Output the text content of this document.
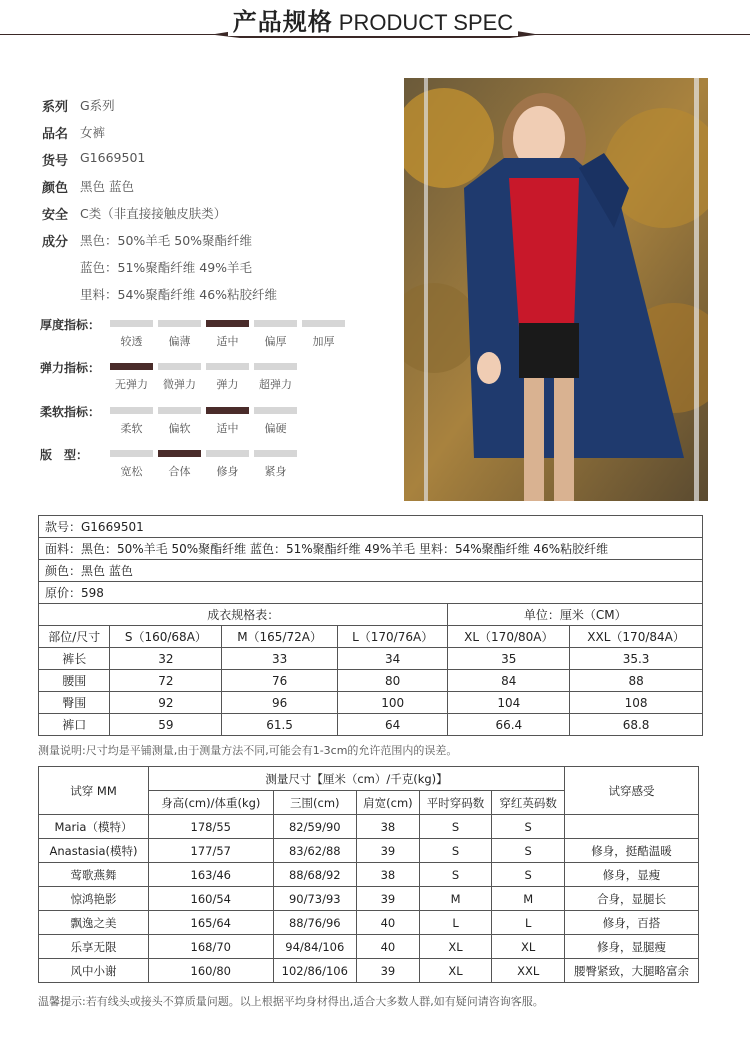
产品规格 PRODUCT SPEC
系列 G系列
品名 女裤
货号 G1669501
颜色 黑色 蓝色
安全 C类（非直接接触皮肤类）
成分 黑色：50%羊毛 50%聚酯纤维
蓝色：51%聚酯纤维 49%羊毛
里料：54%聚酯纤维 46%粘胶纤维
厚度指标：
较透	偏薄	适中	偏厚	加厚
弹力指标：
无弹力	微弹力	弹力	超弹力
柔软指标：
柔软	偏软	适中	偏硬
版　型：
宽松	合体	修身	紧身
款号：G1669501					
面料：黑色：50%羊毛 50%聚酯纤维 蓝色：51%聚酯纤维 49%羊毛 里料：54%聚酯纤维 46%粘胶纤维					
颜色：黑色 蓝色					
原价：598					
成衣规格表：				单位：厘米（CM）	
部位/尺寸	S（160/68A）	M（165/72A）	L（170/76A）	XL（170/80A）	XXL（170/84A）
裤长	32	33	34	35	35.3
腰围	72	76	80	84	88
臀围	92	96	100	104	108
裤口	59	61.5	64	66.4	68.8
测量说明:尺寸均是平铺测量,由于测量方法不同,可能会有1-3cm的允许范围内的误差。
试穿 MM	测量尺寸【厘米（cm）/千克(kg)】					试穿感受
	身高(cm)/体重(kg)	三围(cm)	肩宽(cm)	平时穿码数	穿红英码数	
Maria（模特）	178/55	82/59/90	38	S	S	
Anastasia(模特)	177/57	83/62/88	39	S	S	修身，挺酷温暖
莺歌燕舞	163/46	88/68/92	38	S	S	修身，显瘦
惊鸿艳影	160/54	90/73/93	39	M	M	合身，显腿长
飘逸之美	165/64	88/76/96	40	L	L	修身，百搭
乐享无限	168/70	94/84/106	40	XL	XL	修身，显腿瘦
风中小谢	160/80	102/86/106	39	XL	XXL	腰臀紧致，大腿略富余
温馨提示:若有线头或接头不算质量问题。以上根据平均身材得出,适合大多数人群,如有疑问请咨询客服。
